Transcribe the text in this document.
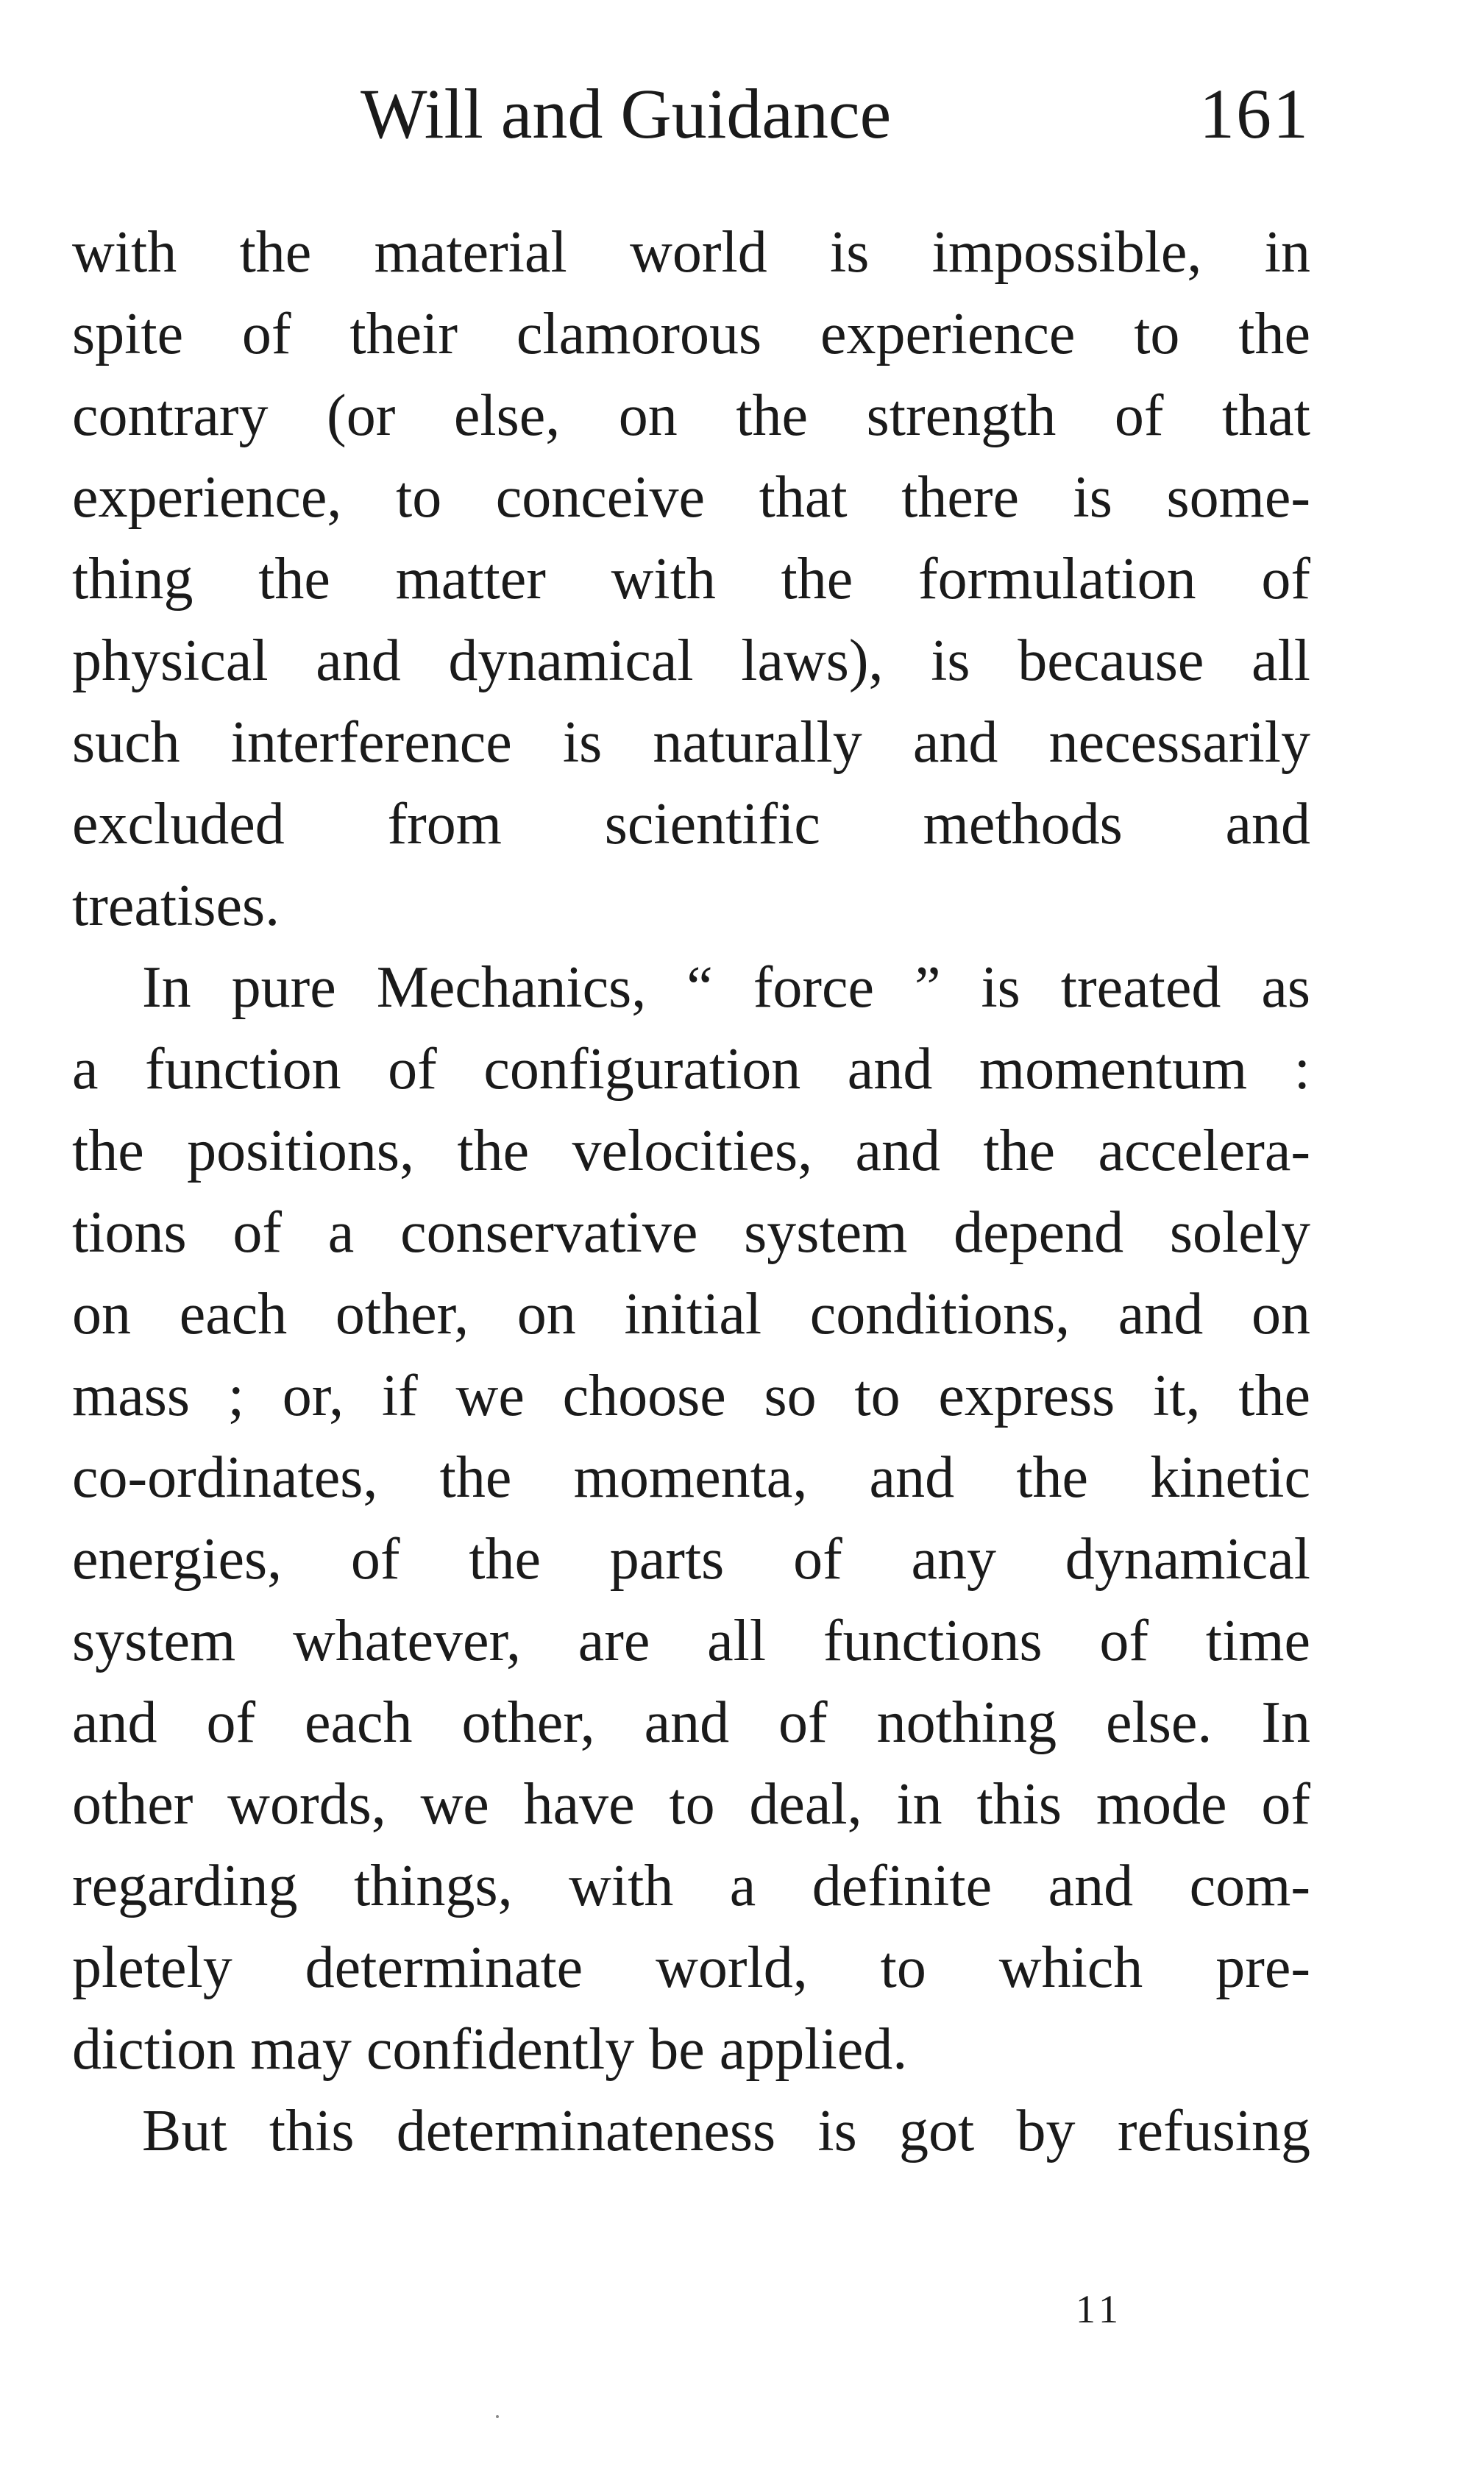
Will and Guidance	161
with the material world is impossible, in
spite of their clamorous experience to the
contrary (or else, on the strength of that
experience, to conceive that there is some-
thing the matter with the formulation of
physical and dynamical laws), is because all
such interference is naturally and necessarily
excluded from scientific methods and
treatises.
In pure Mechanics, “ force ” is treated as
a function of configuration and momentum :
the positions, the velocities, and the accelera-
tions of a conservative system depend solely
on each other, on initial conditions, and on
mass ; or, if we choose so to express it, the
co-ordinates, the momenta, and the kinetic
energies, of the parts of any dynamical
system whatever, are all functions of time
and of each other, and of nothing else. In
other words, we have to deal, in this mode of
regarding things, with a definite and com-
pletely determinate world, to which pre-
diction may confidently be applied.
But this determinateness is got by refusing
11
